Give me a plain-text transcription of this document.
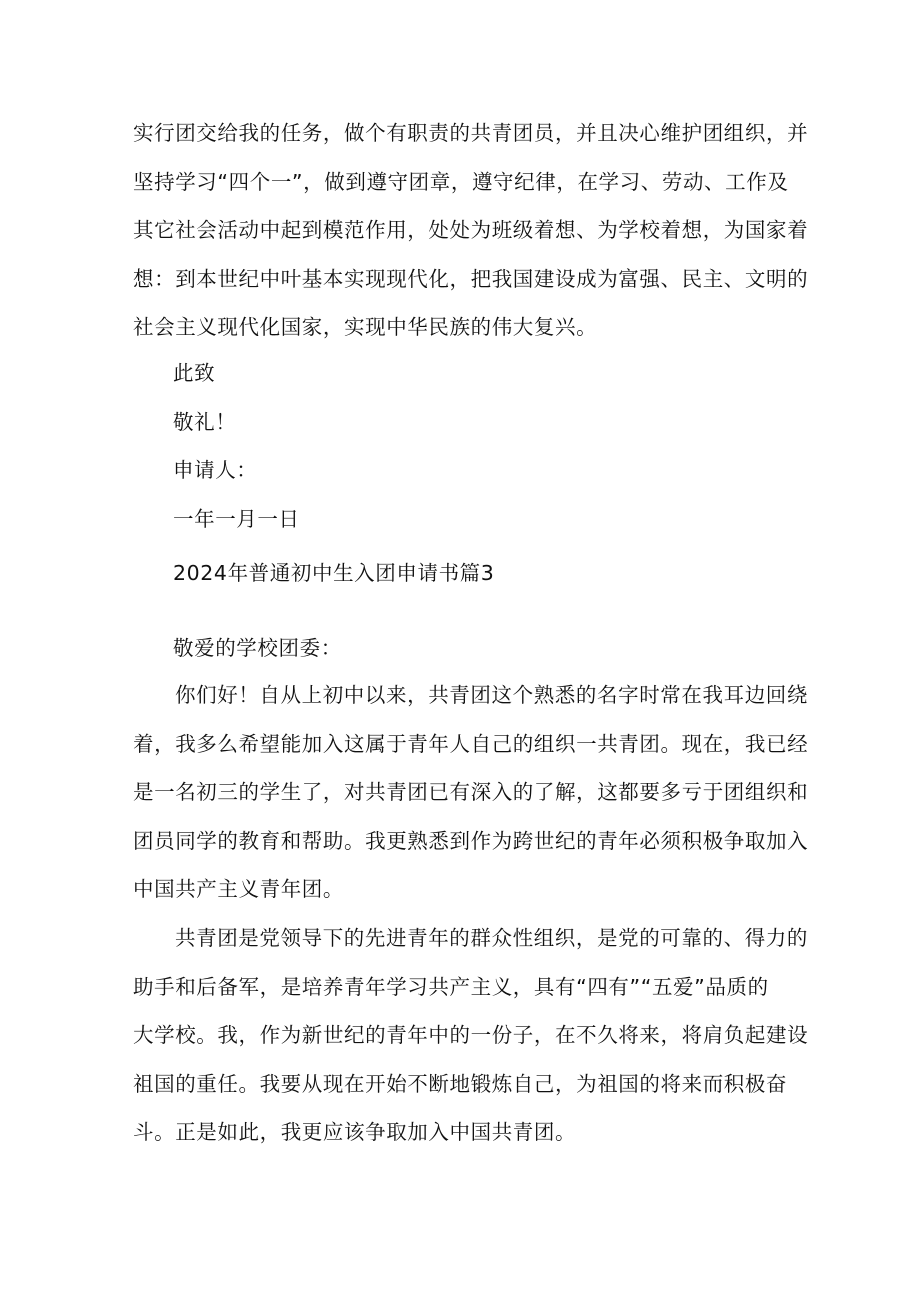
实行团交给我的任务，做个有职责的共青团员，并且决心维护团组织，并
坚持学习“四个一”，做到遵守团章，遵守纪律，在学习、劳动、工作及
其它社会活动中起到模范作用，处处为班级着想、为学校着想，为国家着
想：到本世纪中叶基本实现现代化，把我国建设成为富强、民主、文明的
社会主义现代化国家，实现中华民族的伟大复兴。
此致
敬礼！
申请人：
一年一月一日
2024年普通初中生入团申请书篇3
敬爱的学校团委：
你们好！自从上初中以来，共青团这个熟悉的名字时常在我耳边回绕
着，我多么希望能加入这属于青年人自己的组织一共青团。现在，我已经
是一名初三的学生了，对共青团已有深入的了解，这都要多亏于团组织和
团员同学的教育和帮助。我更熟悉到作为跨世纪的青年必须积极争取加入
中国共产主义青年团。
共青团是党领导下的先进青年的群众性组织，是党的可靠的、得力的
助手和后备军，是培养青年学习共产主义，具有“四有”“五爱”品质的
大学校。我，作为新世纪的青年中的一份子，在不久将来，将肩负起建设
祖国的重任。我要从现在开始不断地锻炼自己，为祖国的将来而积极奋
斗。正是如此，我更应该争取加入中国共青团。
